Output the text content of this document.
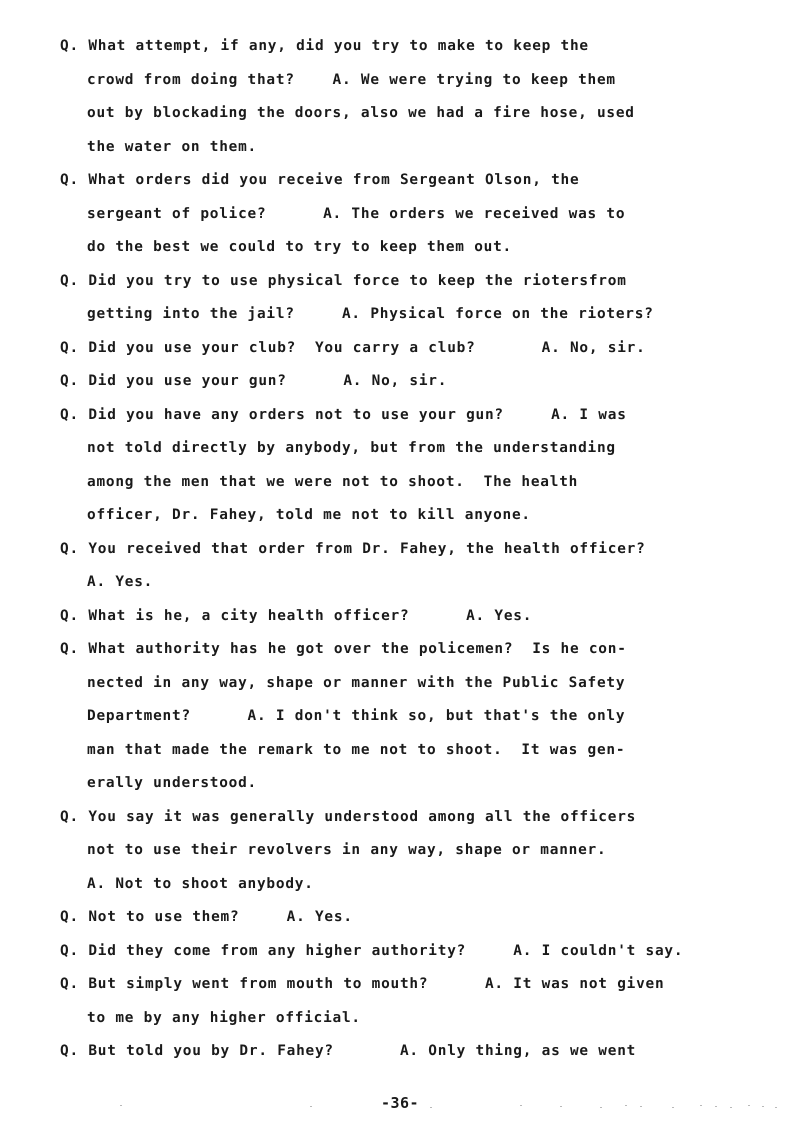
Q. What attempt, if any, did you try to make to keep the
crowd from doing that?    A. We were trying to keep them
out by blockading the doors, also we had a fire hose, used
the water on them.
Q. What orders did you receive from Sergeant Olson, the
sergeant of police?      A. The orders we received was to
do the best we could to try to keep them out.
Q. Did you try to use physical force to keep the riotersfrom
getting into the jail?     A. Physical force on the rioters?
Q. Did you use your club?  You carry a club?       A. No, sir.
Q. Did you use your gun?      A. No, sir.
Q. Did you have any orders not to use your gun?     A. I was
not told directly by anybody, but from the understanding
among the men that we were not to shoot.  The health
officer, Dr. Fahey, told me not to kill anyone.
Q. You received that order from Dr. Fahey, the health officer?
A. Yes.
Q. What is he, a city health officer?      A. Yes.
Q. What authority has he got over the policemen?  Is he con-
nected in any way, shape or manner with the Public Safety
Department?      A. I don't think so, but that's the only
man that made the remark to me not to shoot.  It was gen-
erally understood.
Q. You say it was generally understood among all the officers
not to use their revolvers in any way, shape or manner.
A. Not to shoot anybody.
Q. Not to use them?     A. Yes.
Q. Did they come from any higher authority?     A. I couldn't say.
Q. But simply went from mouth to mouth?      A. It was not given
to me by any higher official.
Q. But told you by Dr. Fahey?       A. Only thing, as we went
-36-
